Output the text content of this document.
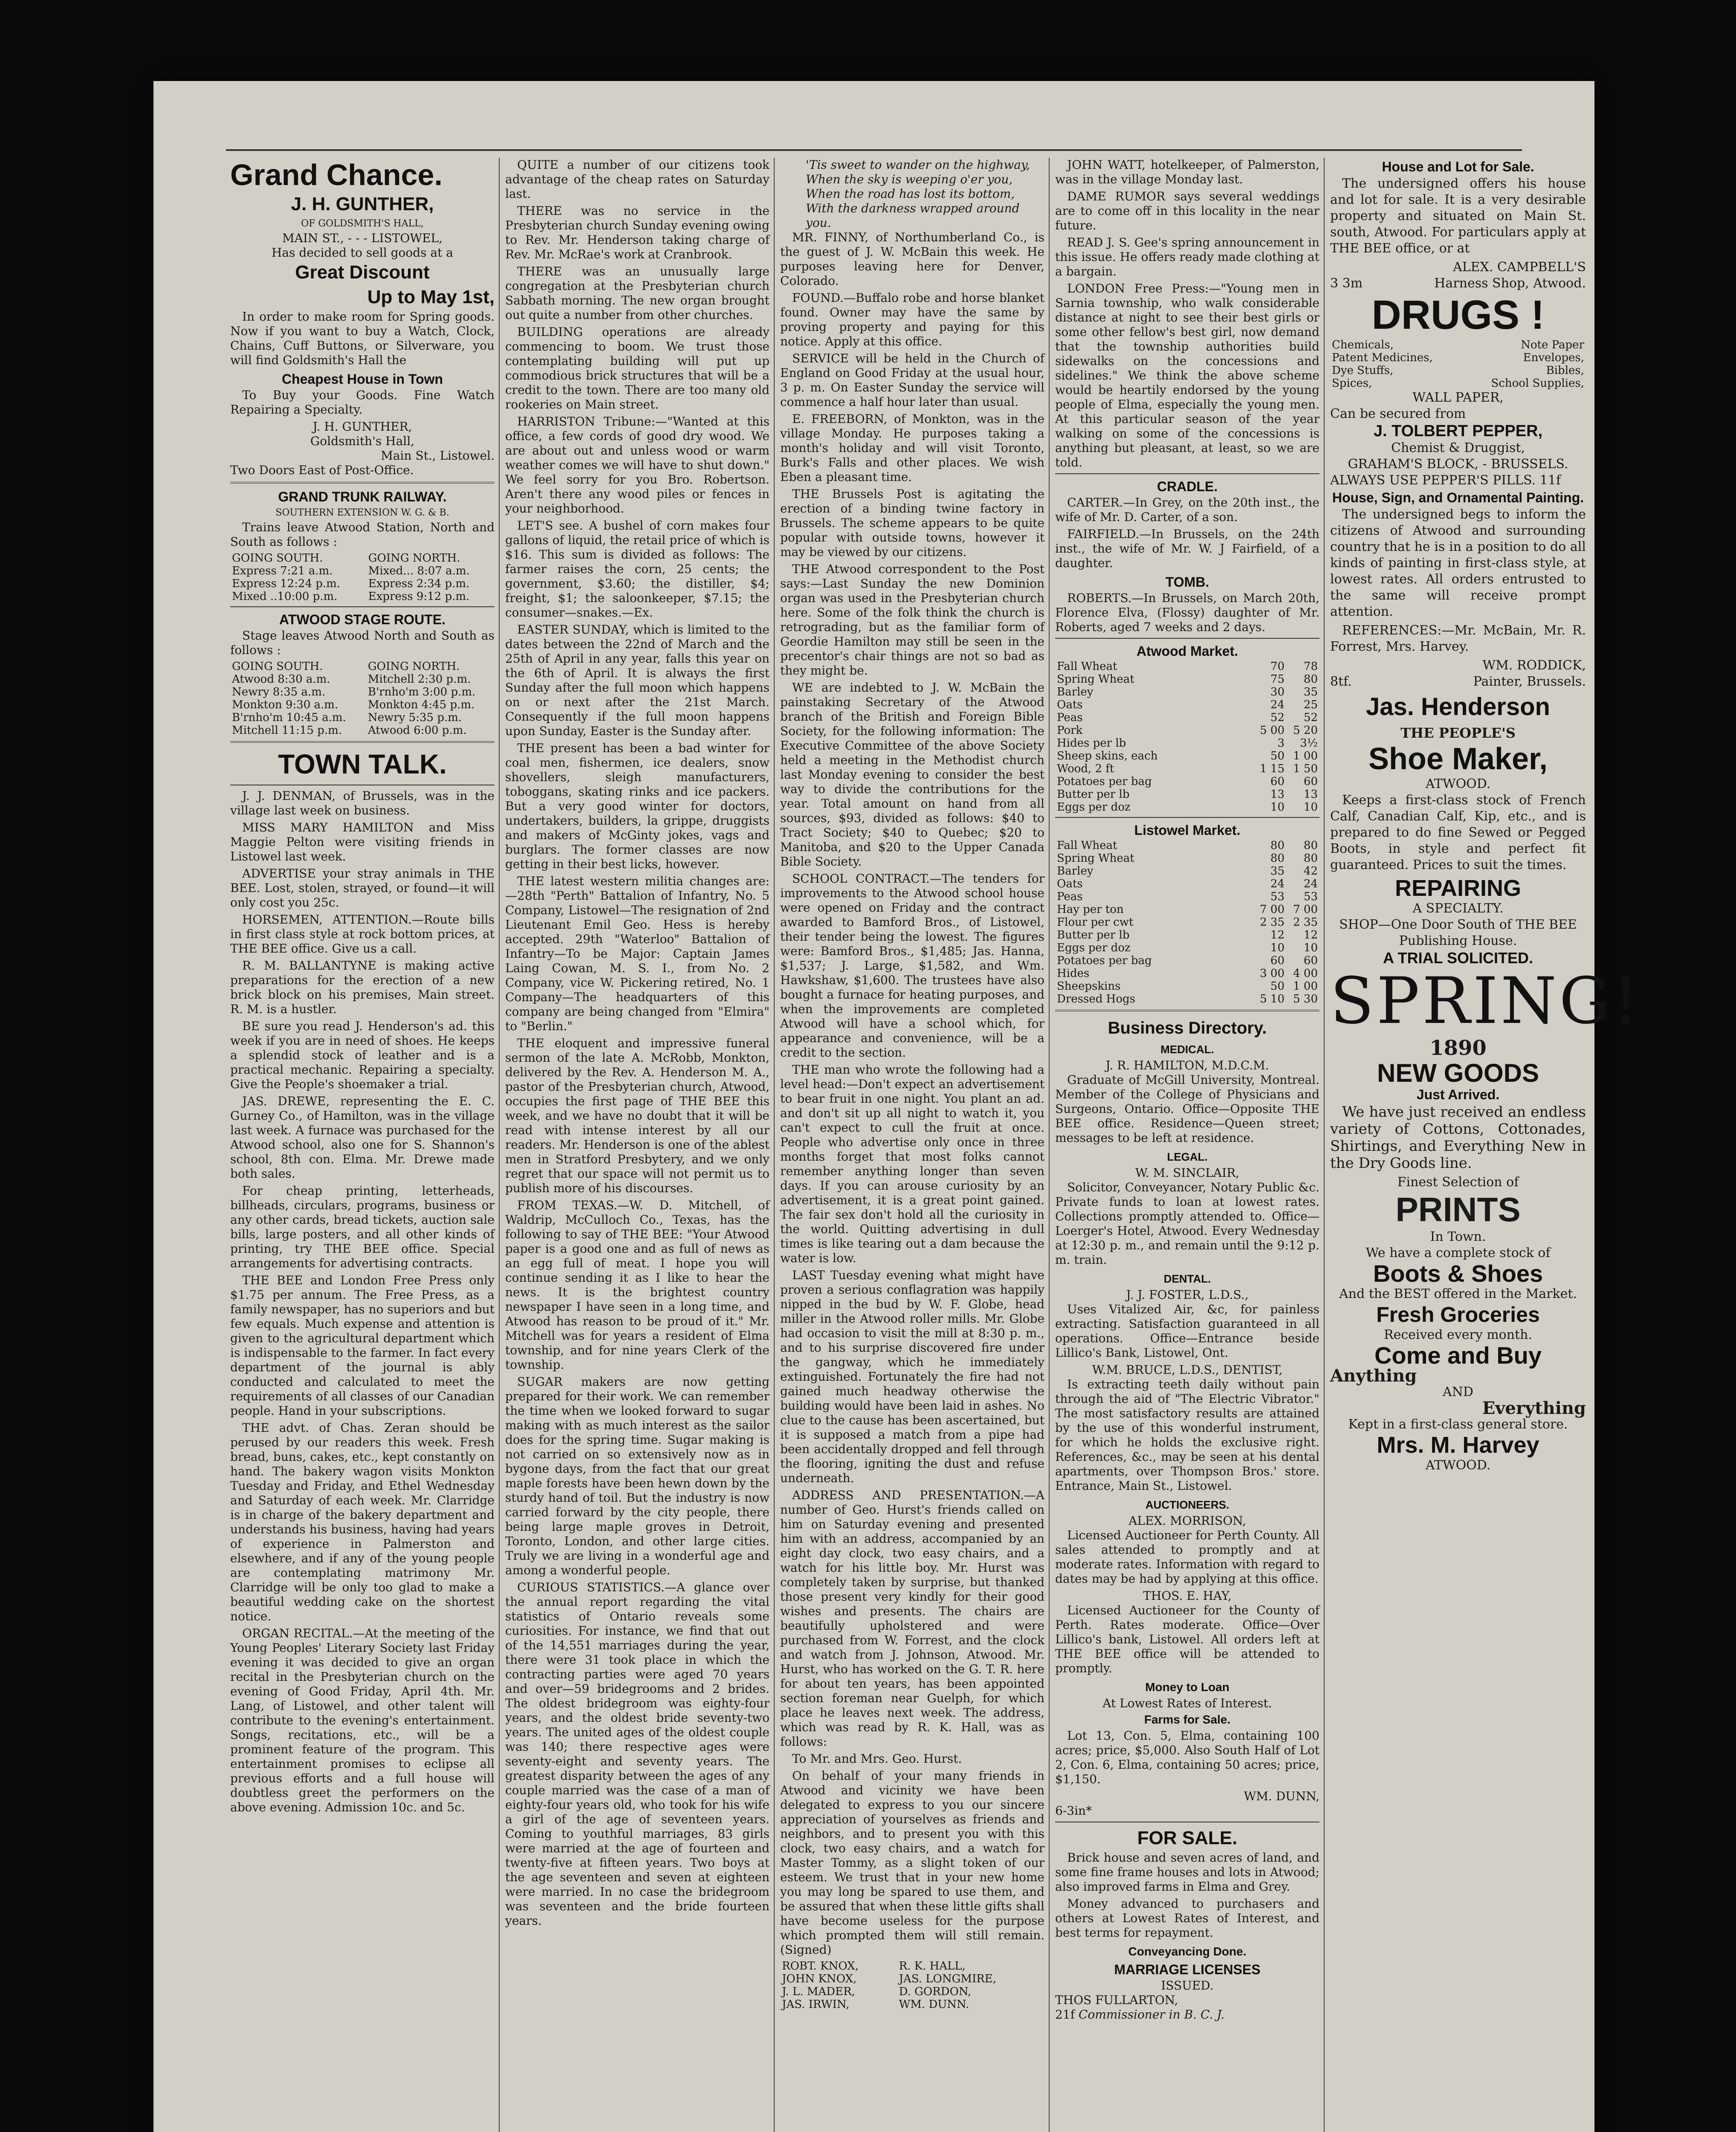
Grand Chance.
J. H. GUNTHER,
OF GOLDSMITH'S HALL,
MAIN ST., - - - LISTOWEL,
Has decided to sell goods at a
Great Discount
Up to May 1st,

In order to make room for Spring goods. Now if you want to buy a Watch, Clock, Chains, Cuff Buttons, or Silverware, you will find Goldsmith's Hall the

Cheapest House in Town

To Buy your Goods. Fine Watch Repairing a Specialty.

J. H. GUNTHER,
Goldsmith's Hall,
Main St., Listowel.
Two Doors East of Post-Office.
GRAND TRUNK RAILWAY.
SOUTHERN EXTENSION W. G. & B.

Trains leave Atwood Station, North and South as follows :

GOING SOUTH.	GOING NORTH.
Express 7:21 a.m.	Mixed... 8:07 a.m.
Express 12:24 p.m.	Express 2:34 p.m.
Mixed ..10:00 p.m.	Express 9:12 p.m.
ATWOOD STAGE ROUTE.

Stage leaves Atwood North and South as follows :

GOING SOUTH.	GOING NORTH.
Atwood 8:30 a.m.	Mitchell 2:30 p.m.
Newry 8:35 a.m.	B'rnho'm 3:00 p.m.
Monkton 9:30 a.m.	Monkton 4:45 p.m.
B'rnho'm 10:45 a.m.	Newry 5:35 p.m.
Mitchell 11:15 p.m.	Atwood 6:00 p.m.
TOWN TALK.

J. J. DENMAN, of Brussels, was in the village last week on business.

MISS MARY HAMILTON and Miss Maggie Pelton were visiting friends in Listowel last week.

ADVERTISE your stray animals in THE BEE. Lost, stolen, strayed, or found—it will only cost you 25c.

HORSEMEN, ATTENTION.—Route bills in first class style at rock bottom prices, at THE BEE office. Give us a call.

R. M. BALLANTYNE is making active preparations for the erection of a new brick block on his premises, Main street. R. M. is a hustler.

BE sure you read J. Henderson's ad. this week if you are in need of shoes. He keeps a splendid stock of leather and is a practical mechanic. Repairing a specialty. Give the People's shoemaker a trial.

JAS. DREWE, representing the E. C. Gurney Co., of Hamilton, was in the village last week. A furnace was purchased for the Atwood school, also one for S. Shannon's school, 8th con. Elma. Mr. Drewe made both sales.

For cheap printing, letterheads, billheads, circulars, programs, business or any other cards, bread tickets, auction sale bills, large posters, and all other kinds of printing, try THE BEE office. Special arrangements for advertising contracts.

THE BEE and London Free Press only $1.75 per annum. The Free Press, as a family newspaper, has no superiors and but few equals. Much expense and attention is given to the agricultural department which is indispensable to the farmer. In fact every department of the journal is ably conducted and calculated to meet the requirements of all classes of our Canadian people. Hand in your subscriptions.

THE advt. of Chas. Zeran should be perused by our readers this week. Fresh bread, buns, cakes, etc., kept constantly on hand. The bakery wagon visits Monkton Tuesday and Friday, and Ethel Wednesday and Saturday of each week. Mr. Clarridge is in charge of the bakery department and understands his business, having had years of experience in Palmerston and elsewhere, and if any of the young people are contemplating matrimony Mr. Clarridge will be only too glad to make a beautiful wedding cake on the shortest notice.

ORGAN RECITAL.—At the meeting of the Young Peoples' Literary Society last Friday evening it was decided to give an organ recital in the Presbyterian church on the evening of Good Friday, April 4th. Mr. Lang, of Listowel, and other talent will contribute to the evening's entertainment. Songs, recitations, etc., will be a prominent feature of the program. This entertainment promises to eclipse all previous efforts and a full house will doubtless greet the performers on the above evening. Admission 10c. and 5c.

QUITE a number of our citizens took advantage of the cheap rates on Saturday last.

THERE was no service in the Presbyterian church Sunday evening owing to Rev. Mr. Henderson taking charge of Rev. Mr. McRae's work at Cranbrook.

THERE was an unusually large congregation at the Presbyterian church Sabbath morning. The new organ brought out quite a number from other churches.

BUILDING operations are already commencing to boom. We trust those contemplating building will put up commodious brick structures that will be a credit to the town. There are too many old rookeries on Main street.

HARRISTON Tribune:—"Wanted at this office, a few cords of good dry wood. We are about out and unless wood or warm weather comes we will have to shut down." We feel sorry for you Bro. Robertson. Aren't there any wood piles or fences in your neighborhood.

LET'S see. A bushel of corn makes four gallons of liquid, the retail price of which is $16. This sum is divided as follows: The farmer raises the corn, 25 cents; the government, $3.60; the distiller, $4; freight, $1; the saloonkeeper, $7.15; the consumer—snakes.—Ex.

EASTER SUNDAY, which is limited to the dates between the 22nd of March and the 25th of April in any year, falls this year on the 6th of April. It is always the first Sunday after the full moon which happens on or next after the 21st March. Consequently if the full moon happens upon Sunday, Easter is the Sunday after.

THE present has been a bad winter for coal men, fishermen, ice dealers, snow shovellers, sleigh manufacturers, toboggans, skating rinks and ice packers. But a very good winter for doctors, undertakers, builders, la grippe, druggists and makers of McGinty jokes, vags and burglars. The former classes are now getting in their best licks, however.

THE latest western militia changes are:—28th "Perth" Battalion of Infantry, No. 5 Company, Listowel—The resignation of 2nd Lieutenant Emil Geo. Hess is hereby accepted. 29th "Waterloo" Battalion of Infantry—To be Major: Captain James Laing Cowan, M. S. I., from No. 2 Company, vice W. Pickering retired, No. 1 Company—The headquarters of this company are being changed from "Elmira" to "Berlin."

THE eloquent and impressive funeral sermon of the late A. McRobb, Monkton, delivered by the Rev. A. Henderson M. A., pastor of the Presbyterian church, Atwood, occupies the first page of THE BEE this week, and we have no doubt that it will be read with intense interest by all our readers. Mr. Henderson is one of the ablest men in Stratford Presbytery, and we only regret that our space will not permit us to publish more of his discourses.

FROM TEXAS.—W. D. Mitchell, of Waldrip, McCulloch Co., Texas, has the following to say of THE BEE: "Your Atwood paper is a good one and as full of news as an egg full of meat. I hope you will continue sending it as I like to hear the news. It is the brightest country newspaper I have seen in a long time, and Atwood has reason to be proud of it." Mr. Mitchell was for years a resident of Elma township, and for nine years Clerk of the township.

SUGAR makers are now getting prepared for their work. We can remember the time when we looked forward to sugar making with as much interest as the sailor does for the spring time. Sugar making is not carried on so extensively now as in bygone days, from the fact that our great maple forests have been hewn down by the sturdy hand of toil. But the industry is now carried forward by the city people, there being large maple groves in Detroit, Toronto, London, and other large cities. Truly we are living in a wonderful age and among a wonderful people.

CURIOUS STATISTICS.—A glance over the annual report regarding the vital statistics of Ontario reveals some curiosities. For instance, we find that out of the 14,551 marriages during the year, there were 31 took place in which the contracting parties were aged 70 years and over—59 bridegrooms and 2 brides. The oldest bridegroom was eighty-four years, and the oldest bride seventy-two years. The united ages of the oldest couple was 140; there respective ages were seventy-eight and seventy years. The greatest disparity between the ages of any couple married was the case of a man of eighty-four years old, who took for his wife a girl of the age of seventeen years. Coming to youthful marriages, 83 girls were married at the age of fourteen and twenty-five at fifteen years. Two boys at the age seventeen and seven at eighteen were married. In no case the bridegroom was seventeen and the bride fourteen years.

'Tis sweet to wander on the highway,
When the sky is weeping o'er you,
When the road has lost its bottom,
With the darkness wrapped around you.

MR. FINNY, of Northumberland Co., is the guest of J. W. McBain this week. He purposes leaving here for Denver, Colorado.

FOUND.—Buffalo robe and horse blanket found. Owner may have the same by proving property and paying for this notice. Apply at this office.

SERVICE will be held in the Church of England on Good Friday at the usual hour, 3 p. m. On Easter Sunday the service will commence a half hour later than usual.

E. FREEBORN, of Monkton, was in the village Monday. He purposes taking a month's holiday and will visit Toronto, Burk's Falls and other places. We wish Eben a pleasant time.

THE Brussels Post is agitating the erection of a binding twine factory in Brussels. The scheme appears to be quite popular with outside towns, however it may be viewed by our citizens.

THE Atwood correspondent to the Post says:—Last Sunday the new Dominion organ was used in the Presbyterian church here. Some of the folk think the church is retrograding, but as the familiar form of Geordie Hamilton may still be seen in the precentor's chair things are not so bad as they might be.

WE are indebted to J. W. McBain the painstaking Secretary of the Atwood branch of the British and Foreign Bible Society, for the following information: The Executive Committee of the above Society held a meeting in the Methodist church last Monday evening to consider the best way to divide the contributions for the year. Total amount on hand from all sources, $93, divided as follows: $40 to Tract Society; $40 to Quebec; $20 to Manitoba, and $20 to the Upper Canada Bible Society.

SCHOOL CONTRACT.—The tenders for improvements to the Atwood school house were opened on Friday and the contract awarded to Bamford Bros., of Listowel, their tender being the lowest. The figures were: Bamford Bros., $1,485; Jas. Hanna, $1,537; J. Large, $1,582, and Wm. Hawkshaw, $1,600. The trustees have also bought a furnace for heating purposes, and when the improvements are completed Atwood will have a school which, for appearance and convenience, will be a credit to the section.

THE man who wrote the following had a level head:—Don't expect an advertisement to bear fruit in one night. You plant an ad. and don't sit up all night to watch it, you can't expect to cull the fruit at once. People who advertise only once in three months forget that most folks cannot remember anything longer than seven days. If you can arouse curiosity by an advertisement, it is a great point gained. The fair sex don't hold all the curiosity in the world. Quitting advertising in dull times is like tearing out a dam because the water is low.

LAST Tuesday evening what might have proven a serious conflagration was happily nipped in the bud by W. F. Globe, head miller in the Atwood roller mills. Mr. Globe had occasion to visit the mill at 8:30 p. m., and to his surprise discovered fire under the gangway, which he immediately extinguished. Fortunately the fire had not gained much headway otherwise the building would have been laid in ashes. No clue to the cause has been ascertained, but it is supposed a match from a pipe had been accidentally dropped and fell through the flooring, igniting the dust and refuse underneath.

ADDRESS AND PRESENTATION.—A number of Geo. Hurst's friends called on him on Saturday evening and presented him with an address, accompanied by an eight day clock, two easy chairs, and a watch for his little boy. Mr. Hurst was completely taken by surprise, but thanked those present very kindly for their good wishes and presents. The chairs are beautifully upholstered and were purchased from W. Forrest, and the clock and watch from J. Johnson, Atwood. Mr. Hurst, who has worked on the G. T. R. here for about ten years, has been appointed section foreman near Guelph, for which place he leaves next week. The address, which was read by R. K. Hall, was as follows:

To Mr. and Mrs. Geo. Hurst.

On behalf of your many friends in Atwood and vicinity we have been delegated to express to you our sincere appreciation of yourselves as friends and neighbors, and to present you with this clock, two easy chairs, and a watch for Master Tommy, as a slight token of our esteem. We trust that in your new home you may long be spared to use them, and be assured that when these little gifts shall have become useless for the purpose which prompted them will still remain. (Signed)

ROBT. KNOX,	R. K. HALL,
JOHN KNOX,	JAS. LONGMIRE,
J. L. MADER,	D. GORDON,
JAS. IRWIN,	WM. DUNN.

JOHN WATT, hotelkeeper, of Palmerston, was in the village Monday last.

DAME RUMOR says several weddings are to come off in this locality in the near future.

READ J. S. Gee's spring announcement in this issue. He offers ready made clothing at a bargain.

LONDON Free Press:—"Young men in Sarnia township, who walk considerable distance at night to see their best girls or some other fellow's best girl, now demand that the township authorities build sidewalks on the concessions and sidelines." We think the above scheme would be heartily endorsed by the young people of Elma, especially the young men. At this particular season of the year walking on some of the concessions is anything but pleasant, at least, so we are told.

CRADLE.

CARTER.—In Grey, on the 20th inst., the wife of Mr. D. Carter, of a son.

FAIRFIELD.—In Brussels, on the 24th inst., the wife of Mr. W. J Fairfield, of a daughter.

TOMB.

ROBERTS.—In Brussels, on March 20th, Florence Elva, (Flossy) daughter of Mr. Roberts, aged 7 weeks and 2 days.

Atwood Market.
Fall Wheat	70	78
Spring Wheat	75	80
Barley	30	35
Oats	24	25
Peas	52	52
Pork	5 00	5 20
Hides per lb	3	3½
Sheep skins, each	50	1 00
Wood, 2 ft	1 15	1 50
Potatoes per bag	60	60
Butter per lb	13	13
Eggs per doz	10	10
Listowel Market.
Fall Wheat	80	80
Spring Wheat	80	80
Barley	35	42
Oats	24	24
Peas	53	53
Hay per ton	7 00	7 00
Flour per cwt	2 35	2 35
Butter per lb	12	12
Eggs per doz	10	10
Potatoes per bag	60	60
Hides	3 00	4 00
Sheepskins	50	1 00
Dressed Hogs	5 10	5 30
Business Directory.
MEDICAL.
J. R. HAMILTON, M.D.C.M.

Graduate of McGill University, Montreal. Member of the College of Physicians and Surgeons, Ontario. Office—Opposite THE BEE office. Residence—Queen street; messages to be left at residence.

LEGAL.
W. M. SINCLAIR,

Solicitor, Conveyancer, Notary Public &c. Private funds to loan at lowest rates. Collections promptly attended to. Office—Loerger's Hotel, Atwood. Every Wednesday at 12:30 p. m., and remain until the 9:12 p. m. train.

DENTAL.
J. J. FOSTER, L.D.S.,

Uses Vitalized Air, &c, for painless extracting. Satisfaction guaranteed in all operations. Office—Entrance beside Lillico's Bank, Listowel, Ont.

W.M. BRUCE, L.D.S., DENTIST,

Is extracting teeth daily without pain through the aid of "The Electric Vibrator." The most satisfactory results are attained by the use of this wonderful instrument, for which he holds the exclusive right. References, &c., may be seen at his dental apartments, over Thompson Bros.' store. Entrance, Main St., Listowel.

AUCTIONEERS.
ALEX. MORRISON,

Licensed Auctioneer for Perth County. All sales attended to promptly and at moderate rates. Information with regard to dates may be had by applying at this office.

THOS. E. HAY,

Licensed Auctioneer for the County of Perth. Rates moderate. Office—Over Lillico's bank, Listowel. All orders left at THE BEE office will be attended to promptly.

Money to Loan
At Lowest Rates of Interest.
Farms for Sale.

Lot 13, Con. 5, Elma, containing 100 acres; price, $5,000. Also South Half of Lot 2, Con. 6, Elma, containing 50 acres; price, $1,150.

WM. DUNN,
6-3in*
FOR SALE.

Brick house and seven acres of land, and some fine frame houses and lots in Atwood; also improved farms in Elma and Grey.

Money advanced to purchasers and others at Lowest Rates of Interest, and best terms for repayment.

Conveyancing Done.
MARRIAGE LICENSES
ISSUED.
THOS FULLARTON,
21f Commissioner in B. C. J.
House and Lot for Sale.

The undersigned offers his house and lot for sale. It is a very desirable property and situated on Main St. south, Atwood. For particulars apply at THE BEE office, or at

ALEX. CAMPBELL'S
3 3m	Harness Shop, Atwood.
DRUGS !
Chemicals,	Note Paper
Patent Medicines,	Envelopes,
Dye Stuffs,	Bibles,
Spices,	School Supplies,
WALL PAPER,
Can be secured from
J. TOLBERT PEPPER,
Chemist & Druggist,
GRAHAM'S BLOCK, - BRUSSELS.
ALWAYS USE PEPPER'S PILLS. 11f
House, Sign, and Ornamental Painting.

The undersigned begs to inform the citizens of Atwood and surrounding country that he is in a position to do all kinds of painting in first-class style, at lowest rates. All orders entrusted to the same will receive prompt attention.

REFERENCES:—Mr. McBain, Mr. R. Forrest, Mrs. Harvey.

WM. RODDICK,
8tf.	Painter, Brussels.
Jas. Henderson
THE PEOPLE'S
Shoe Maker,
ATWOOD.

Keeps a first-class stock of French Calf, Canadian Calf, Kip, etc., and is prepared to do fine Sewed or Pegged Boots, in style and perfect fit guaranteed. Prices to suit the times.

REPAIRING
A SPECIALTY.
SHOP—One Door South of THE BEE Publishing House.
A TRIAL SOLICITED.
SPRING!
1890
NEW GOODS
Just Arrived.

We have just received an endless variety of Cottons, Cottonades, Shirtings, and Everything New in the Dry Goods line.

Finest Selection of
PRINTS
In Town.
We have a complete stock of
Boots & Shoes
And the BEST offered in the Market.
Fresh Groceries
Received every month.
Come and Buy
Anything
AND
Everything
Kept in a first-class general store.
Mrs. M. Harvey
ATWOOD.
